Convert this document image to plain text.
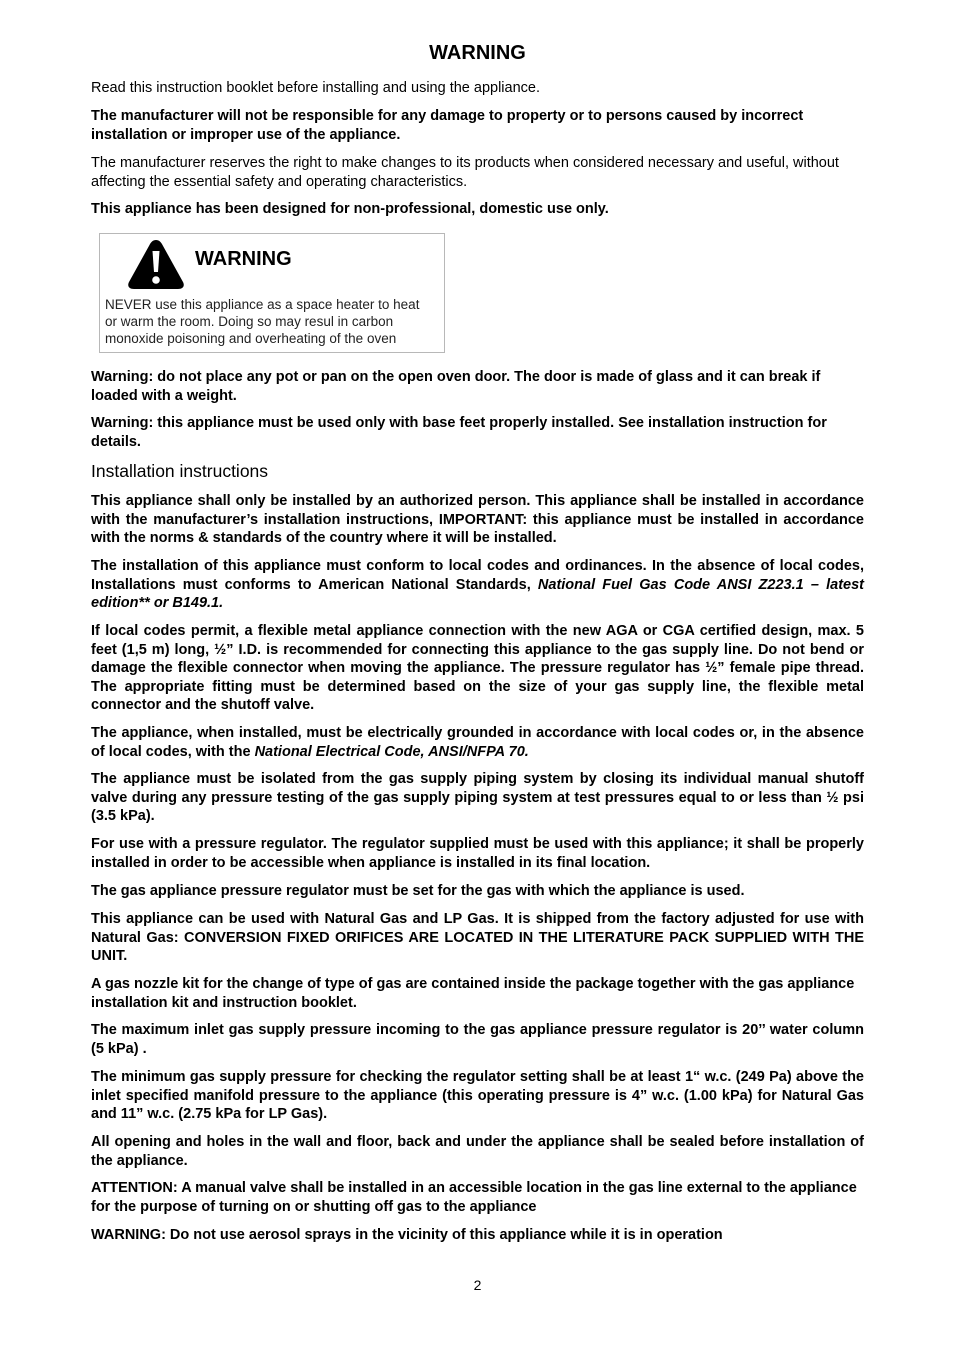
WARNING

Read this instruction booklet before installing and using the appliance.

The manufacturer will not be responsible for any damage to property or to persons caused by incorrect installation or improper use of the appliance.

The manufacturer reserves the right to make changes to its products when considered necessary and useful, without affecting the essential safety and operating characteristics.

This appliance has been designed for non-professional, domestic use only.

WARNING

NEVER use this appliance as a space heater to heat
or warm the room. Doing so may resul in carbon
monoxide poisoning and overheating of the oven

Warning: do not place any pot or pan on the open oven door. The door is made of glass and it can break if loaded with a weight.

Warning: this appliance must be used only with base feet properly installed. See installation instruction for details.

Installation instructions

This appliance shall only be installed by an authorized person. This appliance shall be installed in accordance with the manufacturer’s installation instructions, IMPORTANT: this appliance must be installed in accordance with the norms & standards of the country where it will be installed.

The installation of this appliance must conform to local codes and ordinances. In the absence of local codes, Installations must conforms to American National Standards, National Fuel Gas Code ANSI Z223.1 – latest edition** or B149.1.

If local codes permit, a flexible metal appliance connection with the new AGA or CGA certified design, max. 5 feet (1,5 m) long, ½” I.D. is recommended for connecting this appliance to the gas supply line. Do not bend or damage the flexible connector when moving the appliance. The pressure regulator has ½” female pipe thread. The appropriate fitting must be determined based on the size of your gas supply line, the flexible metal connector and the shutoff valve.

The appliance, when installed, must be electrically grounded in accordance with local codes or, in the absence of local codes, with the National Electrical Code, ANSI/NFPA 70.

The appliance must be isolated from the gas supply piping system by closing its individual manual shutoff valve during any pressure testing of the gas supply piping system at test pressures equal to or less than ½ psi (3.5 kPa).

For use with a pressure regulator. The regulator supplied must be used with this appliance; it shall be properly installed in order to be accessible when appliance is installed in its final location.

The gas appliance pressure regulator must be set for the gas with which the appliance is used.

This appliance can be used with Natural Gas and LP Gas. It is shipped from the factory adjusted for use with Natural Gas: CONVERSION FIXED ORIFICES ARE LOCATED IN THE LITERATURE PACK SUPPLIED WITH THE UNIT.

A gas nozzle kit for the change of type of gas are contained inside the package together with the gas appliance installation kit and instruction booklet.

The maximum inlet gas supply pressure incoming to the gas appliance pressure regulator is 20’’ water column (5 kPa) .

The minimum gas supply pressure for checking the regulator setting shall be at least 1“ w.c. (249 Pa) above the inlet specified manifold pressure to the appliance (this operating pressure is 4” w.c. (1.00 kPa) for Natural Gas and 11” w.c. (2.75 kPa for LP Gas).

All opening and holes in the wall and floor, back and under the appliance shall be sealed before installation of the appliance.

ATTENTION: A manual valve shall be installed in an accessible location in the gas line external to the appliance for the purpose of turning on or shutting off gas to the appliance

WARNING: Do not use aerosol sprays in the vicinity of this appliance while it is in operation

2
